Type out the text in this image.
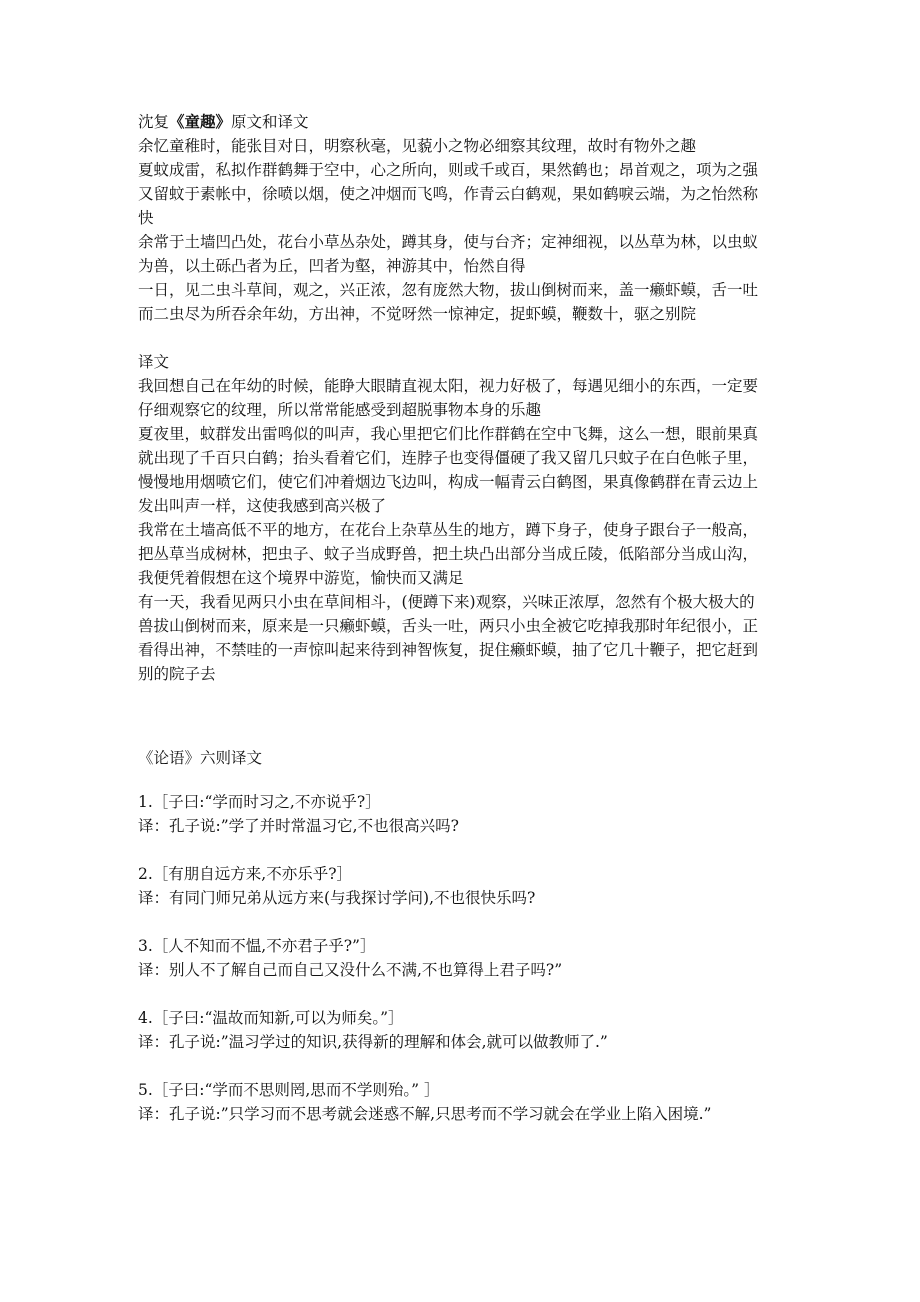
沈复《童趣》原文和译文

余忆童稚时，能张目对日，明察秋毫，见藐小之物必细察其纹理，故时有物外之趣

夏蚊成雷，私拟作群鹤舞于空中，心之所向，则或千或百，果然鹤也；昂首观之，项为之强

又留蚊于素帐中，徐喷以烟，使之冲烟而飞鸣，作青云白鹤观，果如鹤唳云端，为之怡然称

快

余常于土墙凹凸处，花台小草丛杂处，蹲其身，使与台齐；定神细视，以丛草为林，以虫蚁

为兽，以土砾凸者为丘，凹者为壑，神游其中，怡然自得

一日，见二虫斗草间，观之，兴正浓，忽有庞然大物，拔山倒树而来，盖一癞虾蟆，舌一吐

而二虫尽为所吞余年幼，方出神，不觉呀然一惊神定，捉虾蟆，鞭数十，驱之别院

译文

我回想自己在年幼的时候，能睁大眼睛直视太阳，视力好极了，每遇见细小的东西，一定要

仔细观察它的纹理，所以常常能感受到超脱事物本身的乐趣

夏夜里，蚊群发出雷鸣似的叫声，我心里把它们比作群鹤在空中飞舞，这么一想，眼前果真

就出现了千百只白鹤；抬头看着它们，连脖子也变得僵硬了我又留几只蚊子在白色帐子里，

慢慢地用烟喷它们，使它们冲着烟边飞边叫，构成一幅青云白鹤图，果真像鹤群在青云边上

发出叫声一样，这使我感到高兴极了

我常在土墙高低不平的地方，在花台上杂草丛生的地方，蹲下身子，使身子跟台子一般高，

把丛草当成树林，把虫子、蚊子当成野兽，把土块凸出部分当成丘陵，低陷部分当成山沟，

我便凭着假想在这个境界中游览，愉快而又满足

有一天，我看见两只小虫在草间相斗，(便蹲下来)观察，兴味正浓厚，忽然有个极大极大的

兽拔山倒树而来，原来是一只癞虾蟆，舌头一吐，两只小虫全被它吃掉我那时年纪很小，正

看得出神，不禁哇的一声惊叫起来待到神智恢复，捉住癞虾蟆，抽了它几十鞭子，把它赶到

别的院子去

《论语》六则译文

1.［子曰:“学而时习之,不亦说乎?］

译：孔子说:”学了并时常温习它,不也很高兴吗?

2.［有朋自远方来,不亦乐乎?］

译：有同门师兄弟从远方来(与我探讨学问),不也很快乐吗?

3.［人不知而不愠,不亦君子乎?”］

译：别人不了解自己而自己又没什么不满,不也算得上君子吗?”

4.［子曰:“温故而知新,可以为师矣。”］

译：孔子说:”温习学过的知识,获得新的理解和体会,就可以做教师了.”

5.［子曰:“学而不思则罔,思而不学则殆。” ］

译：孔子说:”只学习而不思考就会迷惑不解,只思考而不学习就会在学业上陷入困境.”
